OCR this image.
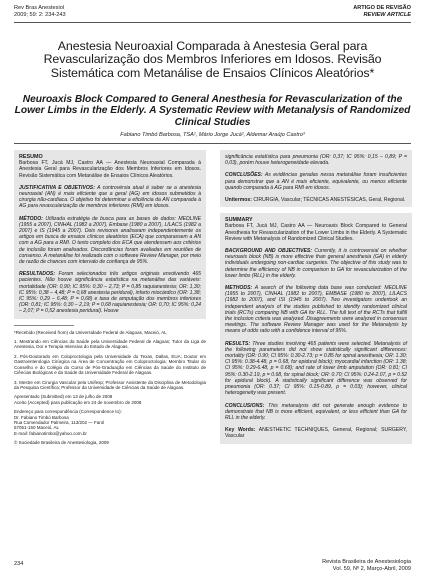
Rev Bras Anestesiol
2009; 59: 2: 234-243
ARTIGO DE REVISÃO
REVIEW ARTICLE
Anestesia Neuroaxial Comparada à Anestesia Geral para Revascularização dos Membros Inferiores em Idosos. Revisão Sistemática com Metanálise de Ensaios Clínicos Aleatórios*
Neuroaxis Block Compared to General Anesthesia for Revascularization of the Lower Limbs in the Elderly. A Systematic Review with Metanalysis of Randomized Clinical Studies
Fabiano Timbó Barbosa, TSA¹, Mário Jorge Jucá², Aldemar Araújo Castro³

RESUMO
Barbosa FT, Jucá MJ, Castro AA — Anestesia Neuroaxial Comparada à Anestesia Geral para Revascularização dos Membros Inferiores em Idosos. Revisão Sistemática com Metanálise de Ensaios Clínicos Aleatórios.

JUSTIFICATIVA E OBJETIVOS: A controvérsia atual é saber se a anestesia neuroaxial (AN) é mais eficiente que a geral (AG) em idosos submetidos à cirurgia não-cardíaca. O objetivo foi determinar a eficiência da AN comparada à AG para revascularização de membros inferiores (RMI) em idosos.

MÉTODO: Utilizada estratégia de busca para as bases de dados: MEDLINE (1955 a 2007), CINHAL (1982 a 2007), Embase (1980 a 2007), LILACS (1982 a 2007) e IS (1945 a 2007). Dois revisores analisaram independentemente os artigos em busca de ensaios clínicos aleatórios (ECA) que comparassem a AN com a AG para a RMI. O texto completo dos ECA que atendessem aos critérios de inclusão foram analisados. Discordâncias foram avaliadas em reuniões de consenso. A metanálise foi realizada com o software Review Manager, por meio de razão de chances com intervalo de confiança de 95%.

RESULTADOS: Foram selecionados três artigos originais envolvendo 465 pacientes. Não houve significância estatística na metanálise das variáveis: mortalidade (OR: 0,90; IC 95%: 0,30 – 2,73; P = 0,85 raquianestesia; OR: 1,30; IC 95%: 0,38 – 4,48; P = 0,68 anestesia peridural), infarto miocárdico (OR: 1,38; IC 95%: 0,29 – 6,48; P = 0,68) e taxa de amputação dos membros inferiores (OR: 0,81; IC 95%: 0,30 – 2,19; P = 0,68 raquianestesia; OR: 0,70; IC 95%: 0,24 – 2,07; P = 0,52 anestesia peridural). Houve

*Recebido (Received from) da Universidade Federal de Alagoas, Maceió, AL

1. Mestrando em Ciências da Saúde pela Universidade Federal de Alagoas; Tutor da Liga de Anestesia, Dor e Terapia Intensiva do Estado de Alagoas.

2. Pós-Doutorado em Coloproctologia pela Universidade do Texas, Dallas, EUA; Doutor em Gastroenterologia Cirúrgica na Área de Concentração em Coloproctologia; Membro Titular do Conselho e do Colégio do Curso de Pós-Graduação em Ciências da Saúde do Instituto de Ciências Biológicas e da Saúde da Universidade Federal de Alagoas.

3. Mestre em Cirurgia Vascular pela Unifesp; Professor Assistente da Disciplina de Metodologia da Pesquisa Científica; Professor da Universidade de Ciências da Saúde de Alagoas.

Apresentado (Submitted) em 13 de julho de 2008

Aceito (Accepted) para publicação em 24 de novembro de 2008

Endereço para correspondência (Correspondence to):

Dr. Fabiano Timbó Barbosa
Rua Comendador Palmeira, 113/202 — Farol
57051-150 Maceió, AL
E-mail: fabianotimbo@yahoo.com.br

© Sociedade Brasileira de Anestesiologia, 2009

significância estatística para pneumonia (OR: 0,37; IC 95%: 0,15 – 0,89; P = 0,03), porém houve heterogeneidade elevada.

CONCLUSÕES: As evidências geradas nessa metanálise foram insuficientes para demonstrar que a AN é mais eficiente, equivalente, ou menos eficiente quando comparada à AG para RMI em idosos.

Unitermos: CIRURGIA, Vascular; TÉCNICAS ANESTÉSICAS, Geral, Regional.

SUMMARY
Barbosa FT, Jucá MJ, Castro AA — Neuroaxis Block Compared to General Anesthesia for Revascularization of the Lower Limbs in the Elderly. A Systematic Review with Metanalysis of Randomized Clinical Studies.

BACKGROUND AND OBJECTIVES: Currently, it is controversial on whether neuroaxis block (NB) is more effective than general anesthesia (GA) in elderly individuals undergoing non-cardiac surgeries. The objective of this study was to determine the efficiency of NB in comparison to GA for revascularization of the lower limbs (RLL) in the elderly.

METHODS: A search of the following data base was conducted: MEDLINE (1955 to 2007), CINHAL (1982 to 2007), EMBASE (1980 to 2007), LILACS (1982 to 2007), and ISI (1945 to 2007). Two investigators undertook an independent analysis of the studies published to identify randomized clinical trials (RCTs) comparing NB with GA for RLL. The full text of the RCTs that fulfill the inclusion criteria was analyzed. Disagreements were analyzed in consensus meetings. The software Review Manager was used for the Metanalysis by means of odds ratio with a confidence interval of 95%.

RESULTS: Three studies involving 465 patients were selected. Metanalysis of the following parameters did not show statistically significant differences: mortality (OR: 0.90; CI 95%: 0.30-2.73; p = 0.85 for spinal anesthesia; OR: 1.30; CI 95%: 0.38-4.48, p = 0.68, for epidural block); myocardial infarction (OR: 1.38; CI 95%: 0.29-6.48, p = 0.68); and rate of lower limb amputation (OR: 0.81; CI 95%: 0.30-2.19, p = 0.68, for spinal block; OR: 0.70; CI 95%: 0.24-2.07, p = 0.52 for epidural block). A statistically significant difference was observed for pneumonia (OR: 0.37; CI 95%: 0.15-0.89, p = 0.03); however, clinical heterogeneity was present.

CONCLUSIONS: This metanalysis did not generate enough evidence to demonstrate that NB is more efficient, equivalent, or less efficient than GA for RLL in the elderly.

Key Words: ANESTHETIC TECHNIQUES, General, Regional; SURGERY, Vascular

234	Revista Brasileira de Anestesiologia
Vol. 59, Nº 2, Março-Abril, 2009
